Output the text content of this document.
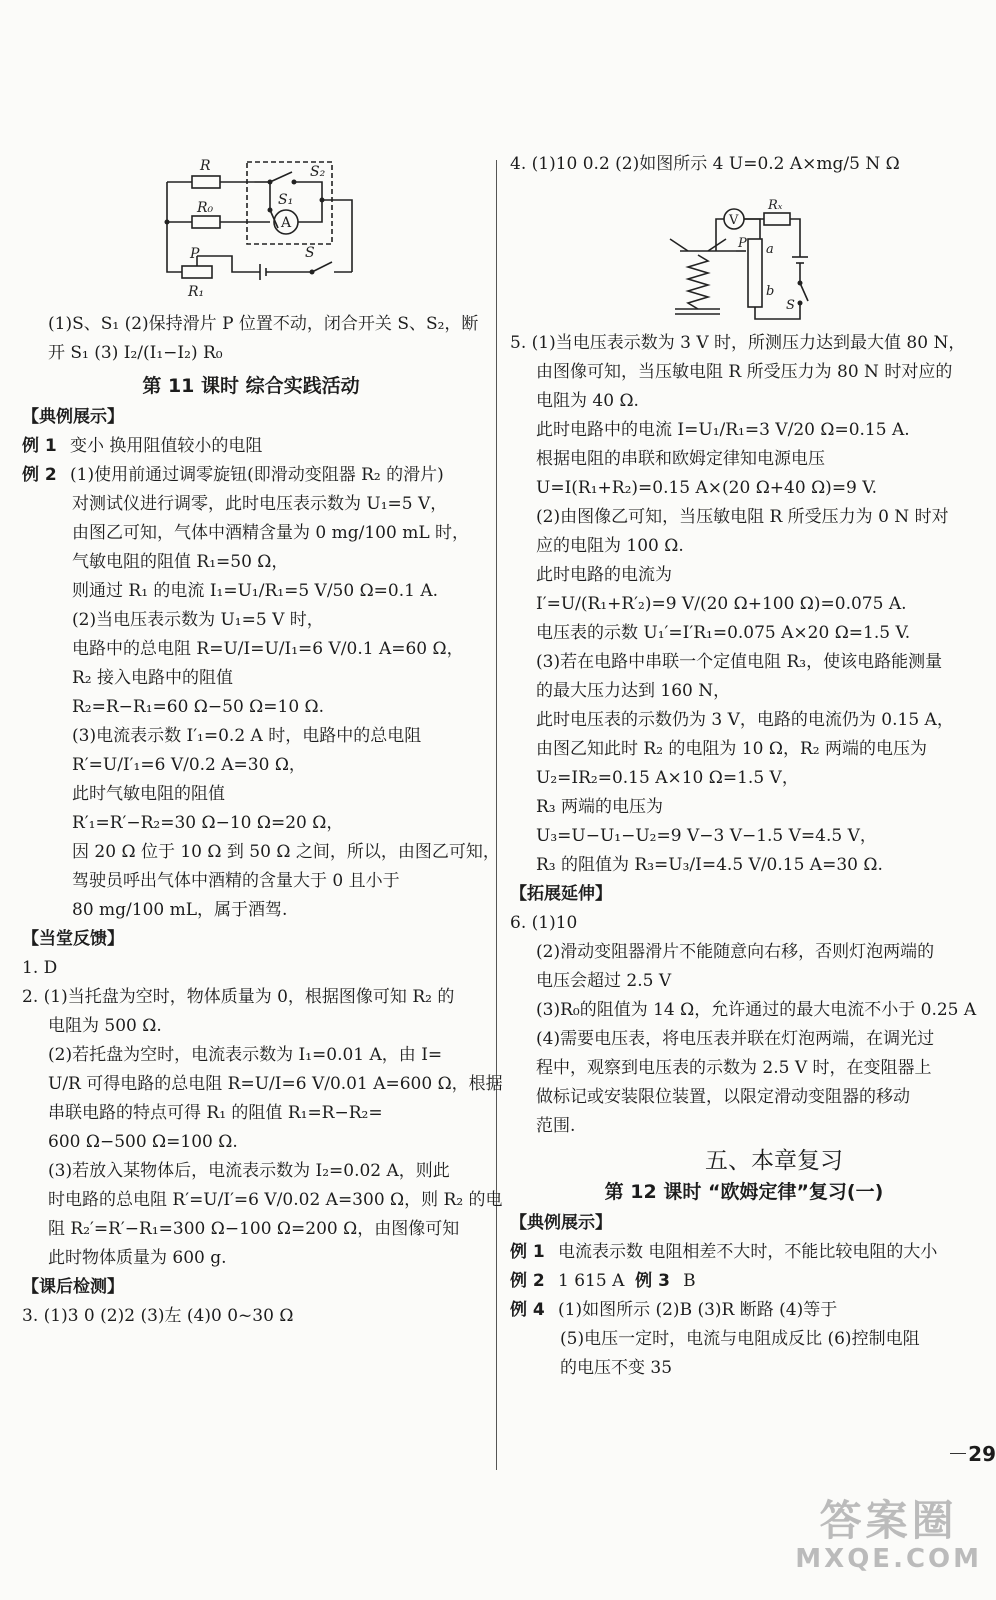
R
R₀
S₂
S₁
A
P
R₁
S
(1)S、S₁ (2)保持滑片 P 位置不动，闭合开关 S、S₂，断
开 S₁ (3) I₂/(I₁−I₂) R₀
第 11 课时 综合实践活动
【典例展示】
例 1 变小 换用阻值较小的电阻
例 2 (1)使用前通过调零旋钮(即滑动变阻器 R₂ 的滑片)
对测试仪进行调零，此时电压表示数为 U₁=5 V，
由图乙可知，气体中酒精含量为 0 mg/100 mL 时，
气敏电阻的阻值 R₁=50 Ω，
则通过 R₁ 的电流 I₁=U₁/R₁=5 V/50 Ω=0.1 A.
(2)当电压表示数为 U₁=5 V 时，
电路中的总电阻 R=U/I=U/I₁=6 V/0.1 A=60 Ω，
R₂ 接入电路中的阻值
R₂=R−R₁=60 Ω−50 Ω=10 Ω.
(3)电流表示数 I′₁=0.2 A 时，电路中的总电阻
R′=U/I′₁=6 V/0.2 A=30 Ω，
此时气敏电阻的阻值
R′₁=R′−R₂=30 Ω−10 Ω=20 Ω，
因 20 Ω 位于 10 Ω 到 50 Ω 之间，所以，由图乙可知，
驾驶员呼出气体中酒精的含量大于 0 且小于
80 mg/100 mL，属于酒驾.
【当堂反馈】
1. D
2. (1)当托盘为空时，物体质量为 0，根据图像可知 R₂ 的
电阻为 500 Ω.
(2)若托盘为空时，电流表示数为 I₁=0.01 A，由 I=
U/R 可得电路的总电阻 R=U/I=6 V/0.01 A=600 Ω，根据
串联电路的特点可得 R₁ 的阻值 R₁=R−R₂=
600 Ω−500 Ω=100 Ω.
(3)若放入某物体后，电流表示数为 I₂=0.02 A，则此
时电路的总电阻 R′=U/I′=6 V/0.02 A=300 Ω，则 R₂ 的电
阻 R₂′=R′−R₁=300 Ω−100 Ω=200 Ω，由图像可知
此时物体质量为 600 g.
【课后检测】
3. (1)3 0 (2)2 (3)左 (4)0 0~30 Ω
4. (1)10 0.2 (2)如图所示 4 U=0.2 A×mg/5 N Ω
V
Rₓ
P a
b
S
5. (1)当电压表示数为 3 V 时，所测压力达到最大值 80 N，
由图像可知，当压敏电阻 R 所受压力为 80 N 时对应的
电阻为 40 Ω.
此时电路中的电流 I=U₁/R₁=3 V/20 Ω=0.15 A.
根据电阻的串联和欧姆定律知电源电压
U=I(R₁+R₂)=0.15 A×(20 Ω+40 Ω)=9 V.
(2)由图像乙可知，当压敏电阻 R 所受压力为 0 N 时对
应的电阻为 100 Ω.
此时电路的电流为
I′=U/(R₁+R′₂)=9 V/(20 Ω+100 Ω)=0.075 A.
电压表的示数 U₁′=I′R₁=0.075 A×20 Ω=1.5 V.
(3)若在电路中串联一个定值电阻 R₃，使该电路能测量
的最大压力达到 160 N，
此时电压表的示数仍为 3 V，电路的电流仍为 0.15 A，
由图乙知此时 R₂ 的电阻为 10 Ω，R₂ 两端的电压为
U₂=IR₂=0.15 A×10 Ω=1.5 V，
R₃ 两端的电压为
U₃=U−U₁−U₂=9 V−3 V−1.5 V=4.5 V，
R₃ 的阻值为 R₃=U₃/I=4.5 V/0.15 A=30 Ω.
【拓展延伸】
6. (1)10
(2)滑动变阻器滑片不能随意向右移，否则灯泡两端的
电压会超过 2.5 V
(3)R₀的阻值为 14 Ω，允许通过的最大电流不小于 0.25 A
(4)需要电压表，将电压表并联在灯泡两端，在调光过
程中，观察到电压表的示数为 2.5 V 时，在变阻器上
做标记或安装限位装置，以限定滑动变阻器的移动
范围.
五、本章复习
第 12 课时 “欧姆定律”复习(一)
【典例展示】
例 1 电流表示数 电阻相差不大时，不能比较电阻的大小
例 2 1 615 A 例 3 B
例 4 (1)如图所示 (2)B (3)R 断路 (4)等于
(5)电压一定时，电流与电阻成反比 (6)控制电阻
的电压不变 35
29
答案圈
MXQE.COM
